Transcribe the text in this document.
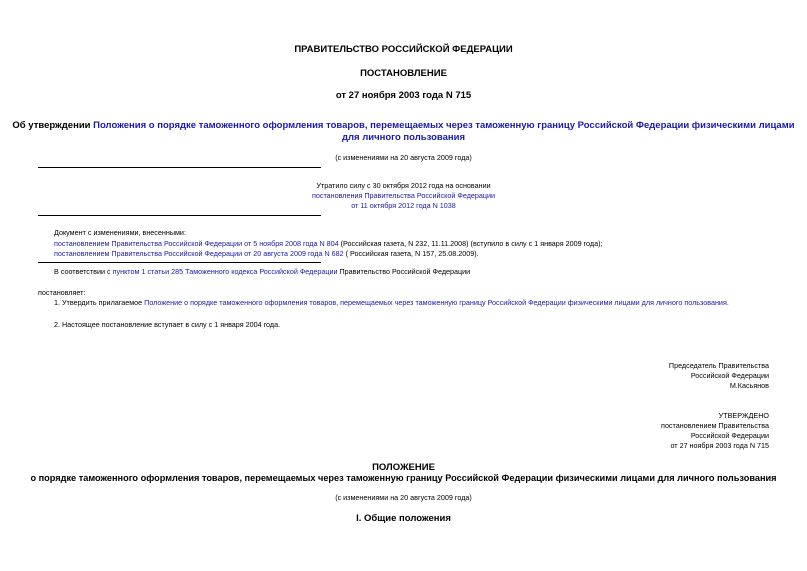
ПРАВИТЕЛЬСТВО РОССИЙСКОЙ ФЕДЕРАЦИИ
ПОСТАНОВЛЕНИЕ
от 27 ноября 2003 года N 715
Об утверждении Положения о порядке таможенного оформления товаров, перемещаемых через таможенную границу Российской Федерации физическими лицами
для личного пользования
(с изменениями на 20 августа 2009 года)
Утратило силу с 30 октября 2012 года на основании
постановления Правительства Российской Федерации
от 11 октября 2012 года N 1038
Документ с изменениями, внесенными:
постановлением Правительства Российской Федерации от 5 ноября 2008 года N 804 (Российская газета, N 232, 11.11.2008) (вступило в силу с 1 января 2009 года);
постановлением Правительства Российской Федерации от 20 августа 2009 года N 682 ( Российская газета, N 157, 25.08.2009).
В соответствии с пунктом 1 статьи 285 Таможенного кодекса Российской Федерации Правительство Российской Федерации
постановляет:
1. Утвердить прилагаемое Положение о порядке таможенного оформления товаров, перемещаемых через таможенную границу Российской Федерации физическими лицами для личного пользования.
2. Настоящее постановление вступает в силу с 1 января 2004 года.
Председатель Правительства
Российской Федерации
М.Касьянов
УТВЕРЖДЕНО
постановлением Правительства
Российской Федерации
от 27 ноября 2003 года N 715
ПОЛОЖЕНИЕ
о порядке таможенного оформления товаров, перемещаемых через таможенную границу Российской Федерации физическими лицами для личного пользования
(с изменениями на 20 августа 2009 года)
I. Общие положения
